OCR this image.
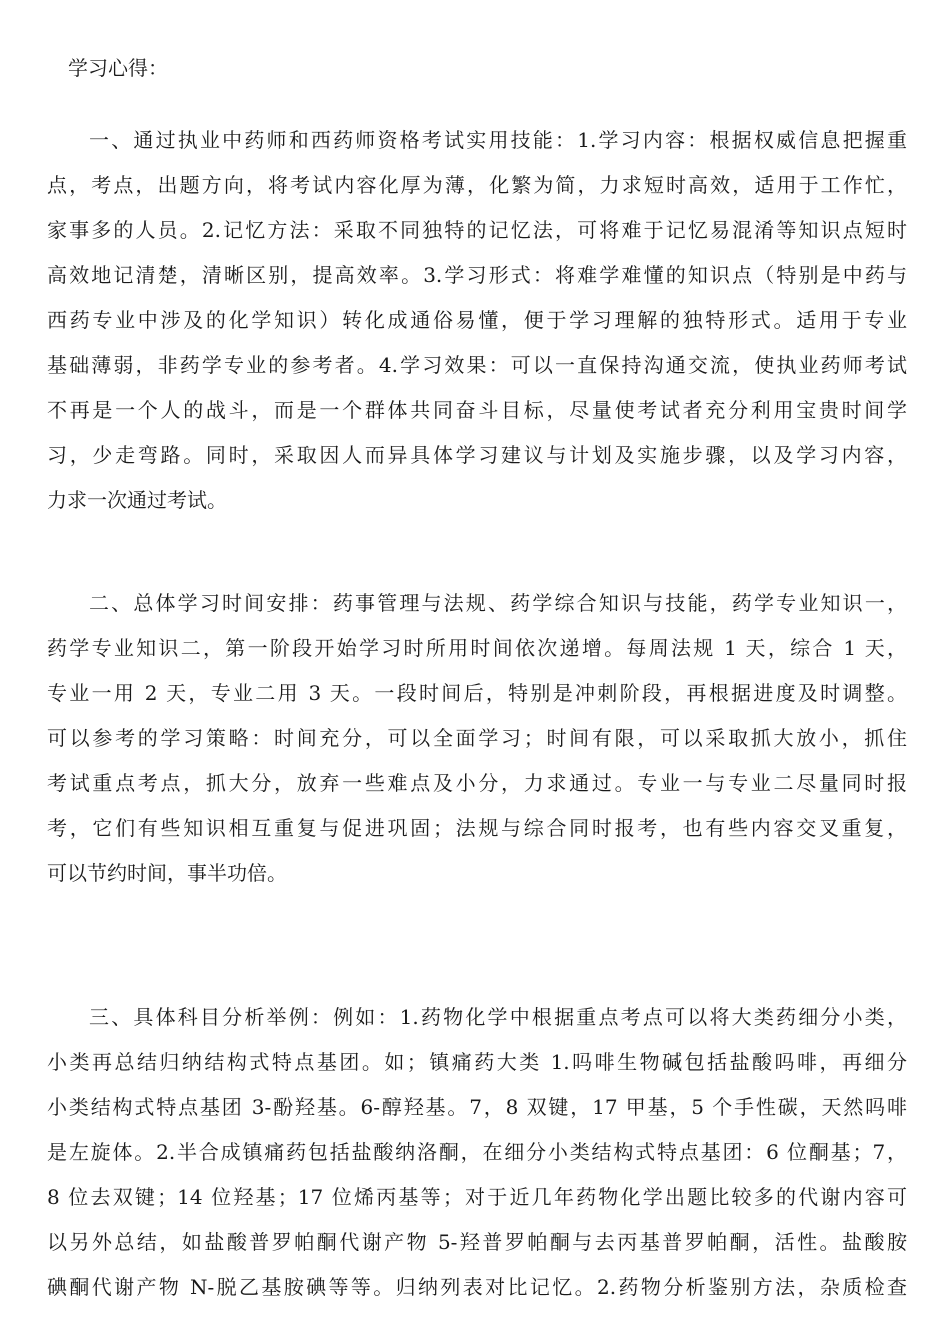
学习心得：

一、通过执业中药师和西药师资格考试实用技能：1.学习内容：根据权威信息把握重
点，考点，出题方向，将考试内容化厚为薄，化繁为简，力求短时高效，适用于工作忙，
家事多的人员。2.记忆方法：采取不同独特的记忆法，可将难于记忆易混淆等知识点短时
高效地记清楚，清晰区别，提高效率。3.学习形式：将难学难懂的知识点（特别是中药与
西药专业中涉及的化学知识）转化成通俗易懂，便于学习理解的独特形式。适用于专业
基础薄弱，非药学专业的参考者。4.学习效果：可以一直保持沟通交流，使执业药师考试
不再是一个人的战斗，而是一个群体共同奋斗目标，尽量使考试者充分利用宝贵时间学
习，少走弯路。同时，采取因人而异具体学习建议与计划及实施步骤，以及学习内容，
力求一次通过考试。

二、总体学习时间安排：药事管理与法规、药学综合知识与技能，药学专业知识一，
药学专业知识二，第一阶段开始学习时所用时间依次递增。每周法规 1 天，综合 1 天，
专业一用 2 天，专业二用 3 天。一段时间后，特别是冲刺阶段，再根据进度及时调整。
可以参考的学习策略：时间充分，可以全面学习；时间有限，可以采取抓大放小，抓住
考试重点考点，抓大分，放弃一些难点及小分，力求通过。专业一与专业二尽量同时报
考，它们有些知识相互重复与促进巩固；法规与综合同时报考，也有些内容交叉重复，
可以节约时间，事半功倍。

三、具体科目分析举例：例如：1.药物化学中根据重点考点可以将大类药细分小类，
小类再总结归纳结构式特点基团。如；镇痛药大类 1.吗啡生物碱包括盐酸吗啡，再细分
小类结构式特点基团 3-酚羟基。6-醇羟基。7，8 双键，17 甲基，5 个手性碳，天然吗啡
是左旋体。2.半合成镇痛药包括盐酸纳洛酮，在细分小类结构式特点基团：6 位酮基；7，
8 位去双键；14 位羟基；17 位烯丙基等；对于近几年药物化学出题比较多的代谢内容可
以另外总结，如盐酸普罗帕酮代谢产物 5-羟普罗帕酮与去丙基普罗帕酮，活性。盐酸胺
碘酮代谢产物 N-脱乙基胺碘等等。归纳列表对比记忆。2.药物分析鉴别方法，杂质检查
